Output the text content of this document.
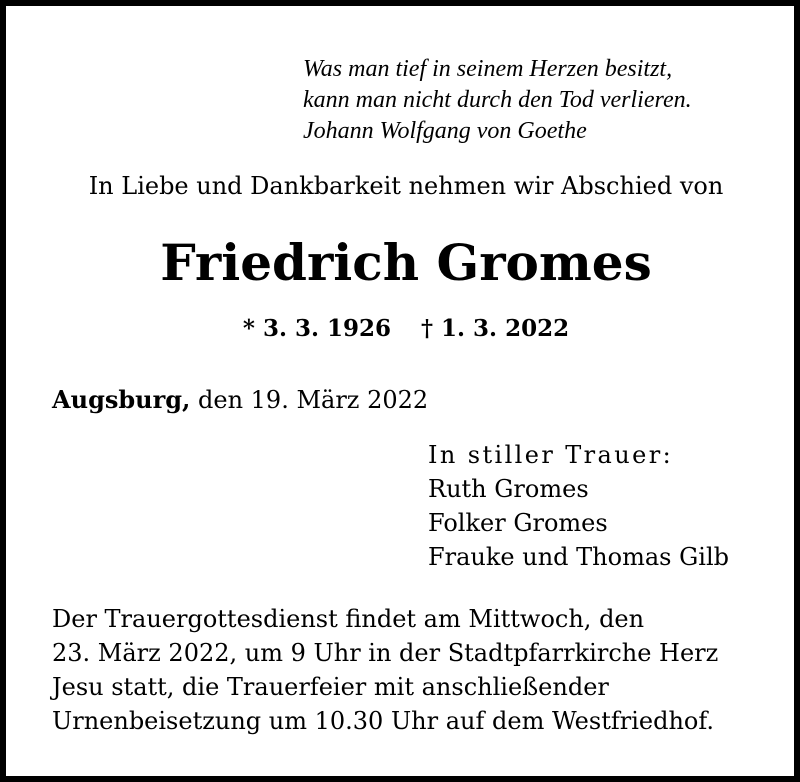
Was man tief in seinem Herzen besitzt,
kann man nicht durch den Tod verlieren.
Johann Wolfgang von Goethe
In Liebe und Dankbarkeit nehmen wir Abschied von
Friedrich Gromes
* 3. 3. 1926 † 1. 3. 2022
Augsburg, den 19. März 2022
In stiller Trauer:
Ruth Gromes
Folker Gromes
Frauke und Thomas Gilb
Der Trauergottesdienst findet am Mittwoch, den
23. März 2022, um 9 Uhr in der Stadtpfarrkirche Herz
Jesu statt, die Trauerfeier mit anschließender
Urnenbeisetzung um 10.30 Uhr auf dem Westfriedhof.
